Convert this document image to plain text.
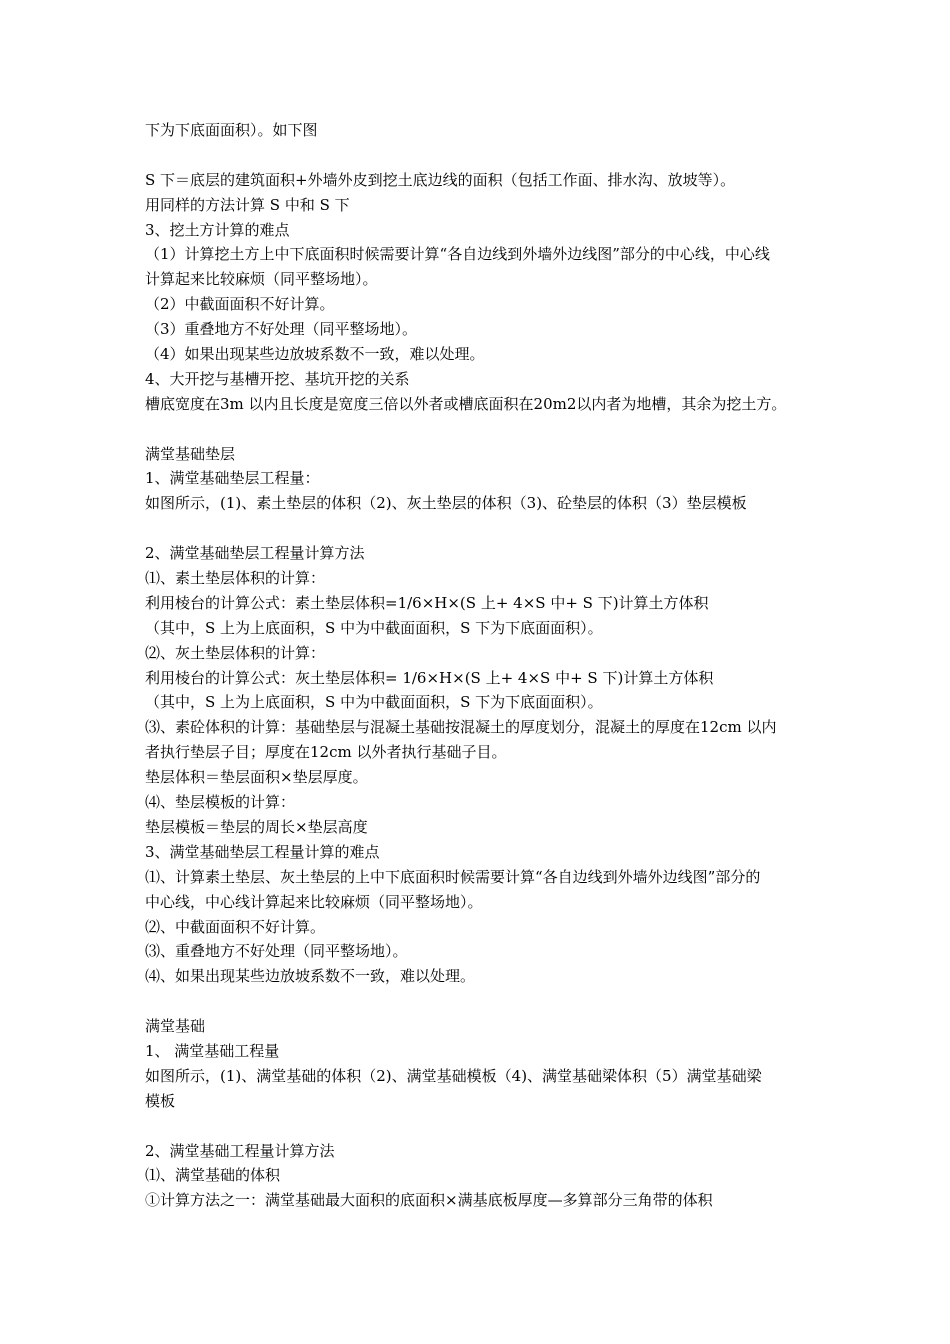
下为下底面面积）。如下图
S 下＝底层的建筑面积+外墙外皮到挖土底边线的面积（包括工作面、排水沟、放坡等）。
用同样的方法计算 S 中和 S 下
3、挖土方计算的难点
（1）计算挖土方上中下底面积时候需要计算“各自边线到外墙外边线图”部分的中心线，中心线
计算起来比较麻烦（同平整场地）。
（2）中截面面积不好计算。
（3）重叠地方不好处理（同平整场地）。
（4）如果出现某些边放坡系数不一致，难以处理。
4、大开挖与基槽开挖、基坑开挖的关系
槽底宽度在3m 以内且长度是宽度三倍以外者或槽底面积在20m2以内者为地槽，其余为挖土方。
满堂基础垫层
1、满堂基础垫层工程量：
如图所示，(1)、素土垫层的体积（2)、灰土垫层的体积（3)、砼垫层的体积（3）垫层模板
2、满堂基础垫层工程量计算方法
⑴、素土垫层体积的计算：
利用棱台的计算公式：素土垫层体积=1/6×H×(S 上+ 4×S 中+ S 下)计算土方体积
（其中，S 上为上底面积，S 中为中截面面积，S 下为下底面面积）。
⑵、灰土垫层体积的计算：
利用棱台的计算公式：灰土垫层体积= 1/6×H×(S 上+ 4×S 中+ S 下)计算土方体积
（其中，S 上为上底面积，S 中为中截面面积，S 下为下底面面积）。
⑶、素砼体积的计算：基础垫层与混凝土基础按混凝土的厚度划分，混凝土的厚度在12cm 以内
者执行垫层子目；厚度在12cm 以外者执行基础子目。
垫层体积＝垫层面积×垫层厚度。
⑷、垫层模板的计算：
垫层模板＝垫层的周长×垫层高度
3、满堂基础垫层工程量计算的难点
⑴、计算素土垫层、灰土垫层的上中下底面积时候需要计算“各自边线到外墙外边线图”部分的
中心线，中心线计算起来比较麻烦（同平整场地）。
⑵、中截面面积不好计算。
⑶、重叠地方不好处理（同平整场地）。
⑷、如果出现某些边放坡系数不一致，难以处理。
满堂基础
1、 满堂基础工程量
如图所示，(1)、满堂基础的体积（2)、满堂基础模板（4)、满堂基础梁体积（5）满堂基础梁
模板
2、满堂基础工程量计算方法
⑴、满堂基础的体积
①计算方法之一：满堂基础最大面积的底面积×满基底板厚度—多算部分三角带的体积
